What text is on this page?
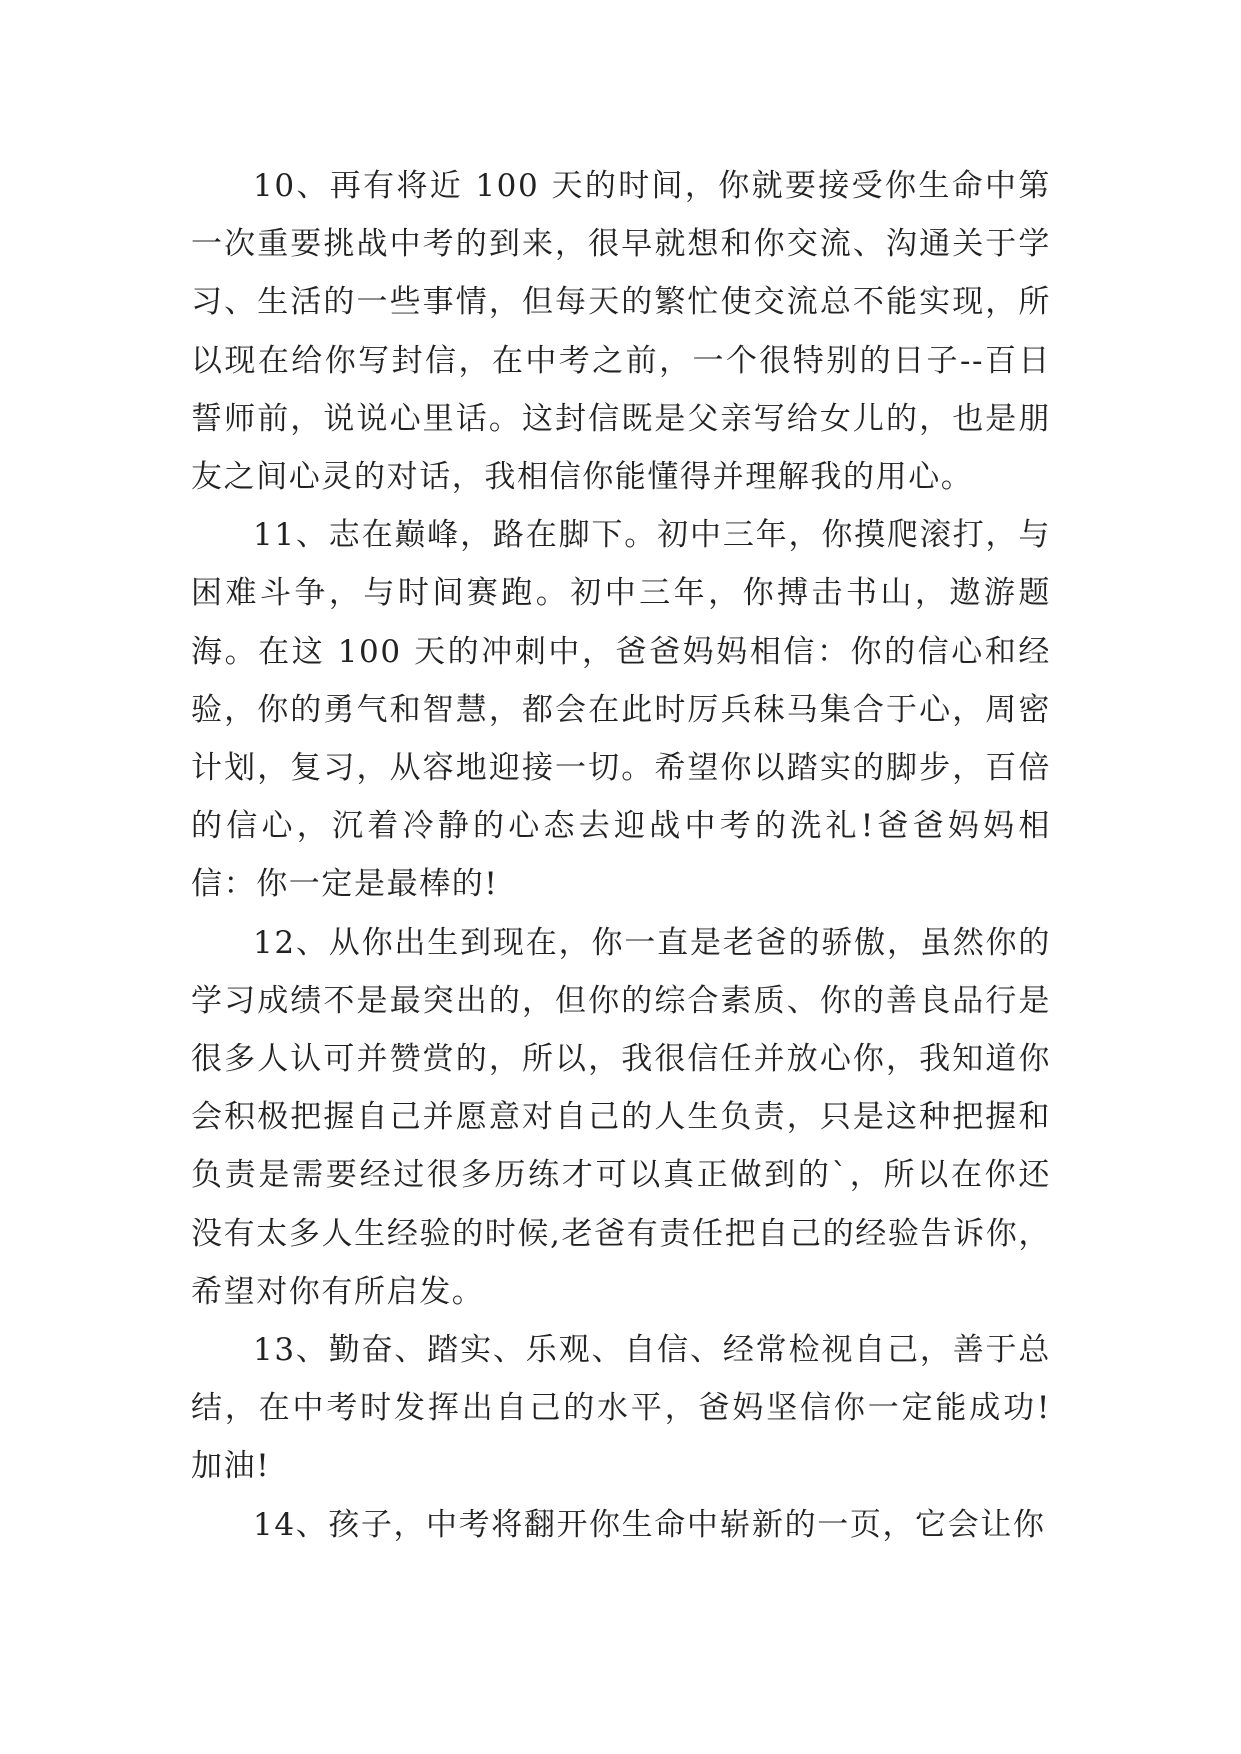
10、再有将近 100 天的时间，你就要接受你生命中第一次重要挑战中考的到来，很早就想和你交流、沟通关于学习、生活的一些事情，但每天的繁忙使交流总不能实现，所以现在给你写封信，在中考之前，一个很特别的日子--百日誓师前，说说心里话。这封信既是父亲写给女儿的，也是朋友之间心灵的对话，我相信你能懂得并理解我的用心。

11、志在巅峰，路在脚下。初中三年，你摸爬滚打，与困难斗争，与时间赛跑。初中三年，你搏击书山，遨游题海。在这 100 天的冲刺中，爸爸妈妈相信：你的信心和经验，你的勇气和智慧，都会在此时厉兵秣马集合于心，周密计划，复习，从容地迎接一切。希望你以踏实的脚步，百倍的信心，沉着冷静的心态去迎战中考的洗礼!爸爸妈妈相信：你一定是最棒的!

12、从你出生到现在，你一直是老爸的骄傲，虽然你的学习成绩不是最突出的，但你的综合素质、你的善良品行是很多人认可并赞赏的，所以，我很信任并放心你，我知道你会积极把握自己并愿意对自己的人生负责，只是这种把握和负责是需要经过很多历练才可以真正做到的`，所以在你还没有太多人生经验的时候,老爸有责任把自己的经验告诉你，希望对你有所启发。

13、勤奋、踏实、乐观、自信、经常检视自己，善于总结，在中考时发挥出自己的水平，爸妈坚信你一定能成功!加油!

14、孩子，中考将翻开你生命中崭新的一页，它会让你
